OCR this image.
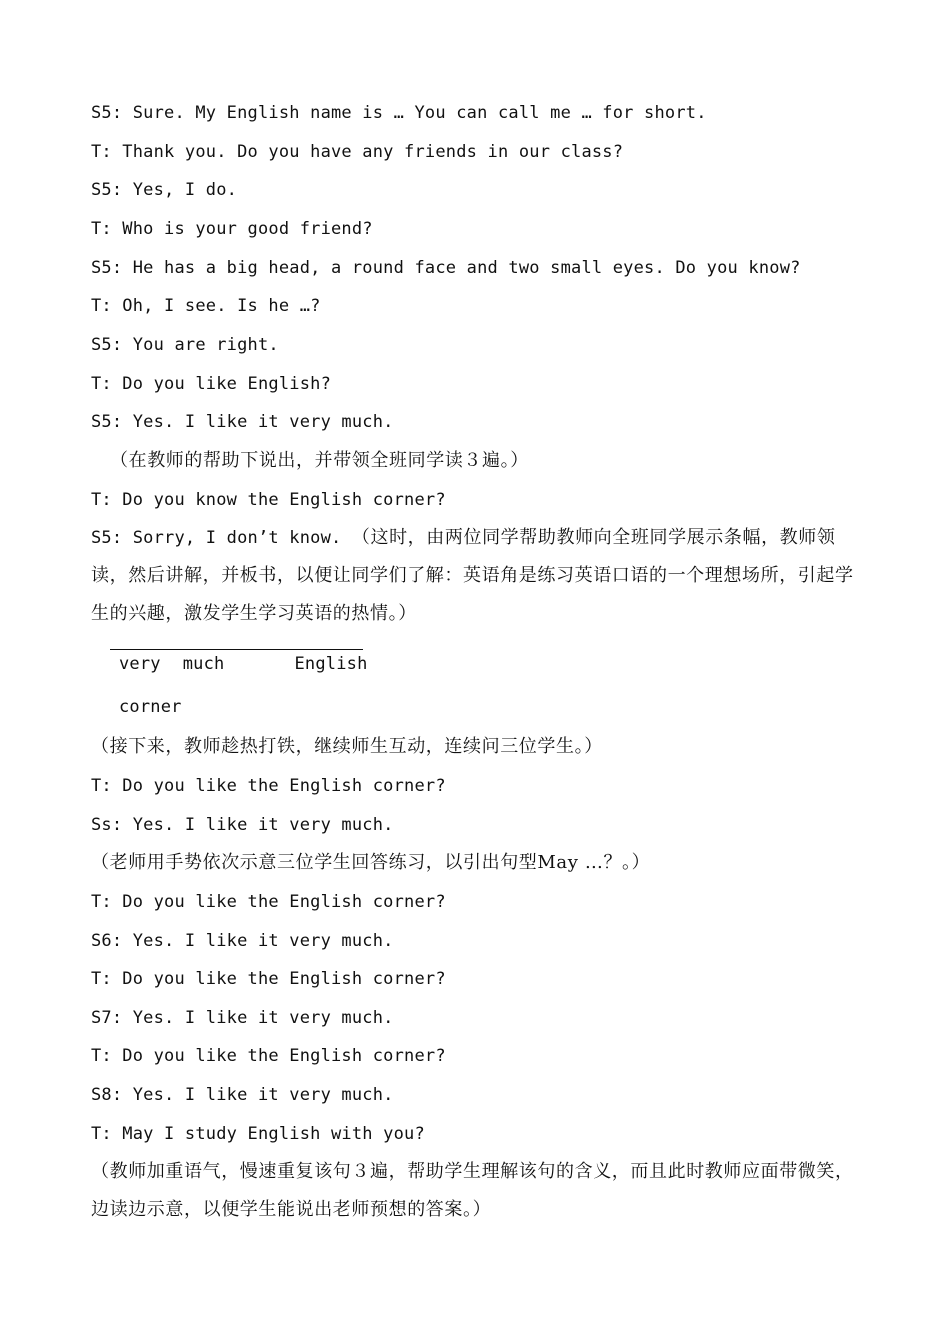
S5: Sure. My English name is … You can call me … for short.
T: Thank you. Do you have any friends in our class?
S5: Yes, I do.
T: Who is your good friend?
S5: He has a big head, a round face and two small eyes. Do you know?
T: Oh, I see. Is he …?
S5: You are right.
T: Do you like English?
S5: Yes. I like it very much.
（在教师的帮助下说出，并带领全班同学读３遍。）
T: Do you know the English corner?
S5: Sorry, I don’t know. （这时，由两位同学帮助教师向全班同学展示条幅，教师领读，然后讲解，并板书，以便让同学们了解：英语角是练习英语口语的一个理想场所，引起学生的兴趣，激发学生学习英语的热情。）
very much	English
corner
（接下来，教师趁热打铁，继续师生互动，连续问三位学生。）
T: Do you like the English corner?
Ss: Yes. I like it very much.
（老师用手势依次示意三位学生回答练习，以引出句型May …？。）
T: Do you like the English corner?
S6: Yes. I like it very much.
T: Do you like the English corner?
S7: Yes. I like it very much.
T: Do you like the English corner?
S8: Yes. I like it very much.
T: May I study English with you?
（教师加重语气，慢速重复该句３遍，帮助学生理解该句的含义，而且此时教师应面带微笑，边读边示意，以便学生能说出老师预想的答案。）
